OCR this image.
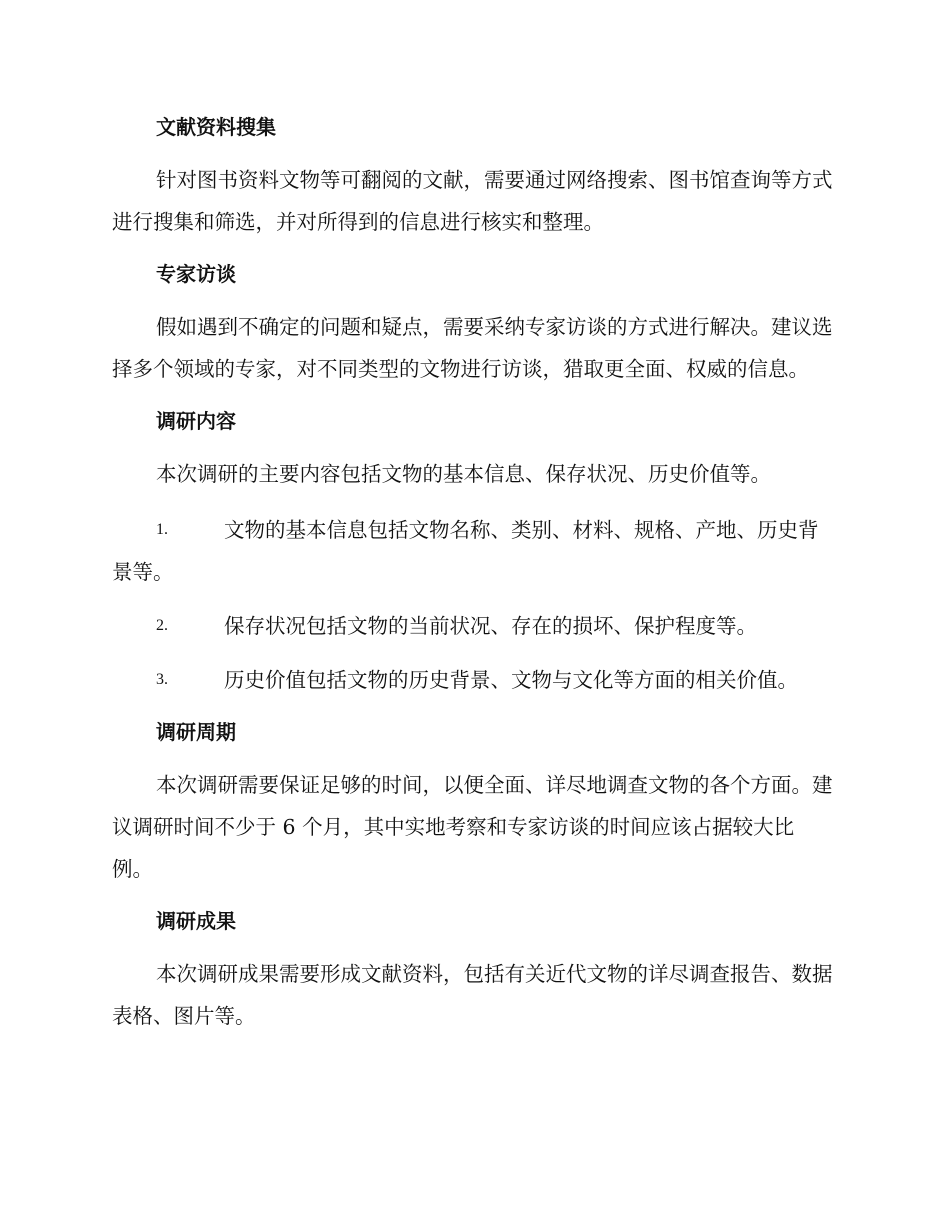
文献资料搜集

针对图书资料文物等可翻阅的文献，需要通过网络搜索、图书馆查询等方式进行搜集和筛选，并对所得到的信息进行核实和整理。

专家访谈

假如遇到不确定的问题和疑点，需要采纳专家访谈的方式进行解决。建议选择多个领域的专家，对不同类型的文物进行访谈，猎取更全面、权威的信息。

调研内容

本次调研的主要内容包括文物的基本信息、保存状况、历史价值等。

1.	文物的基本信息包括文物名称、类别、材料、规格、产地、历史背景等。

2.	保存状况包括文物的当前状况、存在的损坏、保护程度等。

3.	历史价值包括文物的历史背景、文物与文化等方面的相关价值。

调研周期

本次调研需要保证足够的时间，以便全面、详尽地调查文物的各个方面。建议调研时间不少于 6 个月，其中实地考察和专家访谈的时间应该占据较大比例。

调研成果

本次调研成果需要形成文献资料，包括有关近代文物的详尽调查报告、数据表格、图片等。
